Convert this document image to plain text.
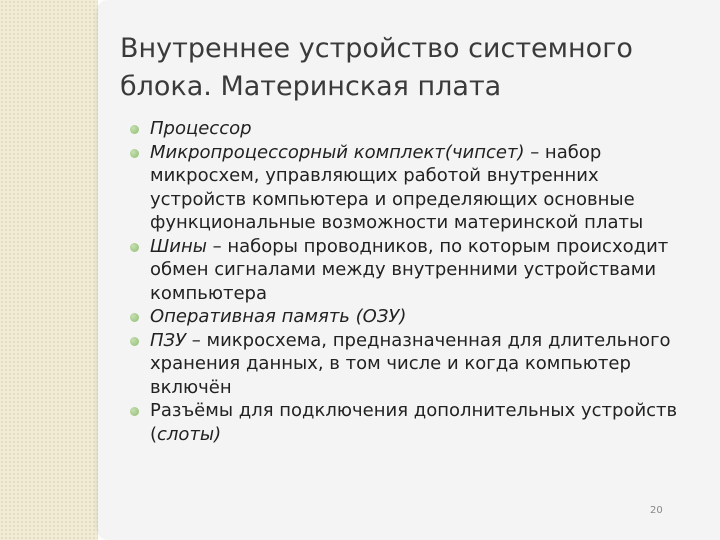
Внутреннее устройство системного
блока. Материнская плата
Процессор
Микропроцессорный комплект(чипсет) – набор микросхем, управляющих работой внутренних устройств компьютера и определяющих основные функциональные возможности материнской платы
Шины – наборы проводников, по которым происходит обмен сигналами между внутренними устройствами компьютера
Оперативная память (ОЗУ)
ПЗУ – микросхема, предназначенная для длительного хранения данных, в том числе и когда компьютер включён
Разъёмы для подключения дополнительных устройств (слоты)
20
